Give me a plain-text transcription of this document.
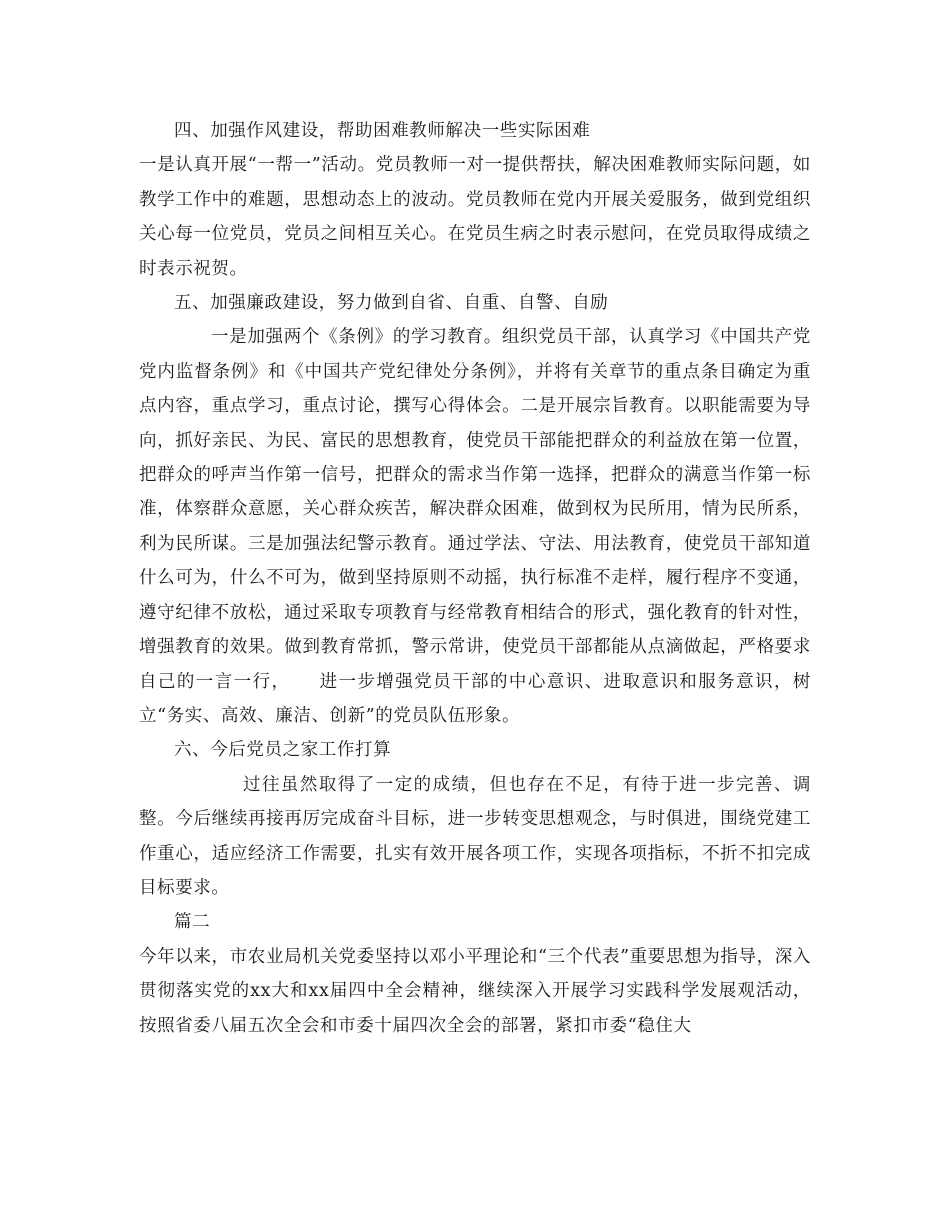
四、加强作风建设，帮助困难教师解决一些实际困难

一是认真开展“一帮一”活动。党员教师一对一提供帮扶，解决困难教师实际问题，如教学工作中的难题，思想动态上的波动。党员教师在党内开展关爱服务，做到党组织关心每一位党员，党员之间相互关心。在党员生病之时表示慰问，在党员取得成绩之时表示祝贺。

五、加强廉政建设，努力做到自省、自重、自警、自励

一是加强两个《条例》的学习教育。组织党员干部，认真学习《中国共产党党内监督条例》和《中国共产党纪律处分条例》，并将有关章节的重点条目确定为重点内容，重点学习，重点讨论，撰写心得体会。二是开展宗旨教育。以职能需要为导向，抓好亲民、为民、富民的思想教育，使党员干部能把群众的利益放在第一位置，把群众的呼声当作第一信号，把群众的需求当作第一选择，把群众的满意当作第一标准，体察群众意愿，关心群众疾苦，解决群众困难，做到权为民所用，情为民所系，利为民所谋。三是加强法纪警示教育。通过学法、守法、用法教育，使党员干部知道什么可为，什么不可为，做到坚持原则不动摇，执行标准不走样，履行程序不变通，遵守纪律不放松，通过采取专项教育与经常教育相结合的形式，强化教育的针对性，增强教育的效果。做到教育常抓，警示常讲，使党员干部都能从点滴做起，严格要求自己的一言一行，　　进一步增强党员干部的中心意识、进取意识和服务意识，树立“务实、高效、廉洁、创新”的党员队伍形象。

六、今后党员之家工作打算

过往虽然取得了一定的成绩，但也存在不足，有待于进一步完善、调整。今后继续再接再厉完成奋斗目标，进一步转变思想观念，与时俱进，围绕党建工作重心，适应经济工作需要，扎实有效开展各项工作，实现各项指标，不折不扣完成目标要求。

篇二

今年以来，市农业局机关党委坚持以邓小平理论和“三个代表”重要思想为指导，深入贯彻落实党的xx大和xx届四中全会精神，继续深入开展学习实践科学发展观活动，按照省委八届五次全会和市委十届四次全会的部署，紧扣市委“稳住大
